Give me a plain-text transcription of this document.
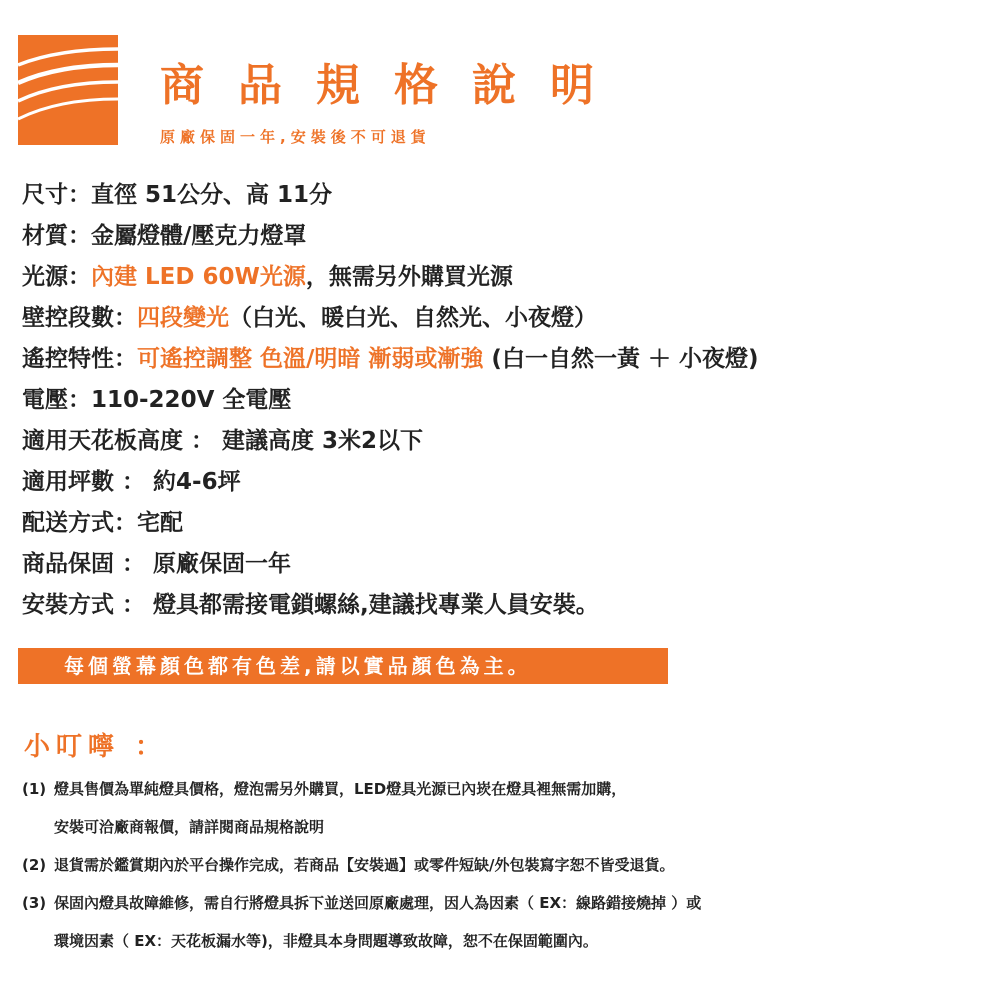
商品規格說明
原廠保固一年,安裝後不可退貨
尺寸：直徑 51公分、高 11分
材質：金屬燈體/壓克力燈罩
光源：內建 LED 60W光源，無需另外購買光源
壁控段數：四段變光（白光、暖白光、自然光、小夜燈）
遙控特性：可遙控調整 色溫/明暗 漸弱或漸強 (白一自然一黃 ＋ 小夜燈)
電壓：110-220V 全電壓
適用天花板高度 ： 建議高度 3米2以下
適用坪數 ： 約4-6坪
配送方式：宅配
商品保固 ： 原廠保固一年
安裝方式 ： 燈具都需接電鎖螺絲,建議找專業人員安裝。
每個螢幕顏色都有色差,請以實品顏色為主。
小叮嚀 ：
(1) 燈具售價為單純燈具價格，燈泡需另外購買，LED燈具光源已內崁在燈具裡無需加購，
安裝可洽廠商報價，請詳閱商品規格說明
(2) 退貨需於鑑賞期內於平台操作完成，若商品【安裝過】或零件短缺/外包裝寫字恕不皆受退貨。
(3) 保固內燈具故障維修，需自行將燈具拆下並送回原廠處理，因人為因素（ EX：線路錯接燒掉 ）或
環境因素（ EX：天花板漏水等)，非燈具本身問題導致故障，恕不在保固範圍內。
